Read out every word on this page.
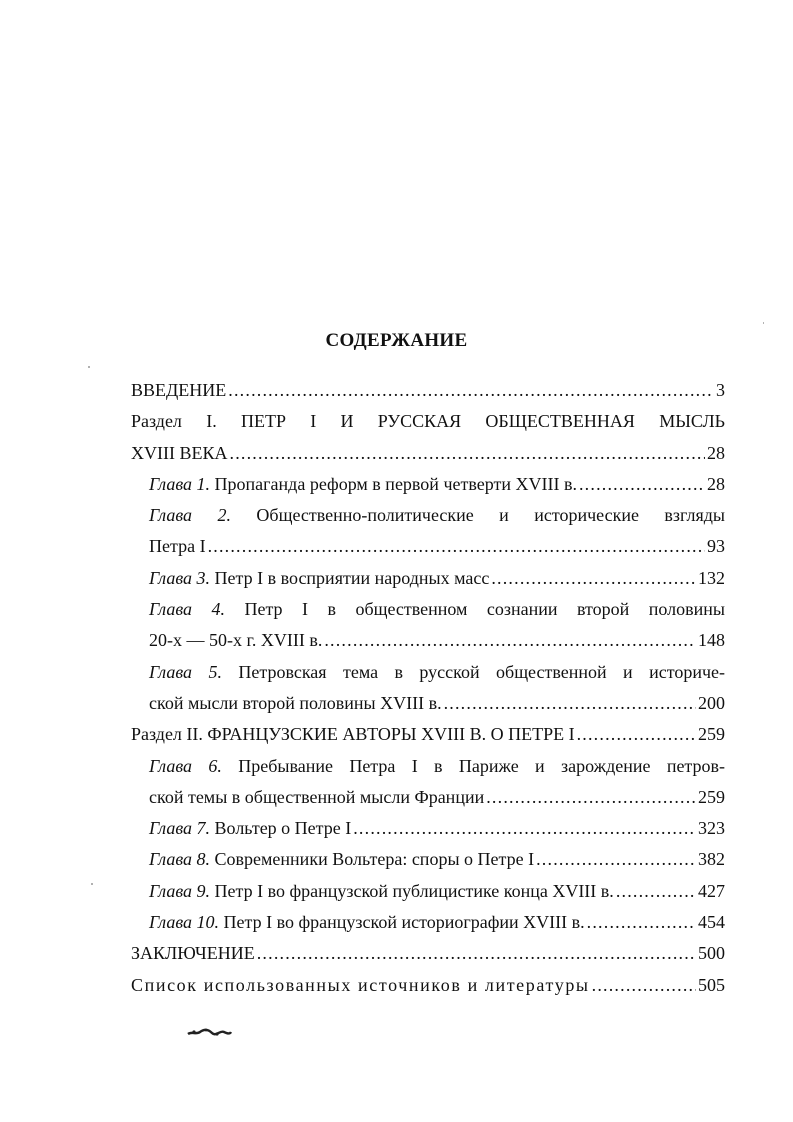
СОДЕРЖАНИЕ
ВВЕДЕНИЕ .....	3
Раздел I. ПЕТР I И РУССКАЯ ОБЩЕСТВЕННАЯ МЫСЛЬ
XVIII ВЕКА .....	28
Глава 1. Пропаганда реформ в первой четверти XVIII в. .....	28
Глава 2. Общественно-политические и исторические взгляды
Петра I .....	93
Глава 3. Петр I в восприятии народных масс .....	132
Глава 4. Петр I в общественном сознании второй половины
20-х — 50-х г. XVIII в. .....	148
Глава 5. Петровская тема в русской общественной и историче-
ской мысли второй половины XVIII в. .....	200
Раздел II. ФРАНЦУЗСКИЕ АВТОРЫ XVIII В. О ПЕТРЕ I .....	259
Глава 6. Пребывание Петра I в Париже и зарождение петров-
ской темы в общественной мысли Франции .....	259
Глава 7. Вольтер о Петре I .....	323
Глава 8. Современники Вольтера: споры о Петре I .....	382
Глава 9. Петр I во французской публицистике конца XVIII в. .....	427
Глава 10. Петр I во французской историографии XVIII в. .....	454
ЗАКЛЮЧЕНИЕ .....	500
Список использованных источников и литературы .....	505
